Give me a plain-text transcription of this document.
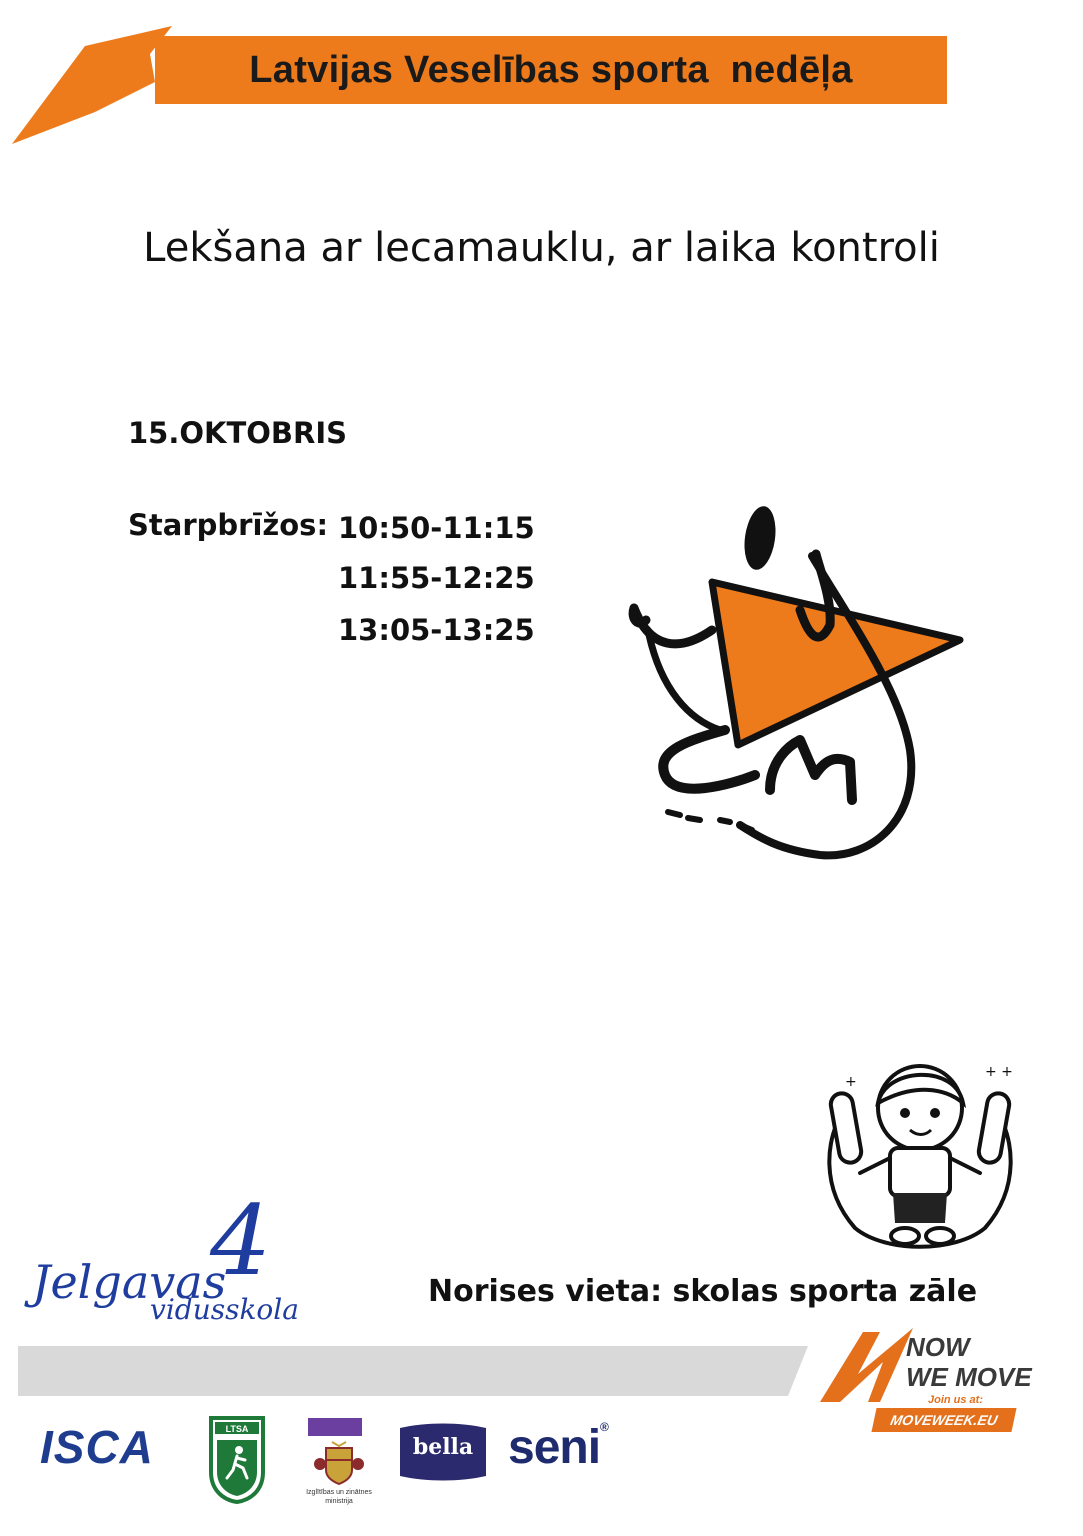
Latvijas Veselības sporta  nedēļa
Lekšana ar lecamauklu, ar laika kontroli
15.OKTOBRIS
Starpbrīžos: 10:50-11:15
11:55-12:25
13:05-13:25
+
+ +
4
Jelgavas
vidusskola
Norises vieta: skolas sporta zāle
NOW
WE MOVE
Join us at:
MOVEWEEK.EU
ISCA	LTSA
Izglītības un zinātnes ministrija
bella seni®
